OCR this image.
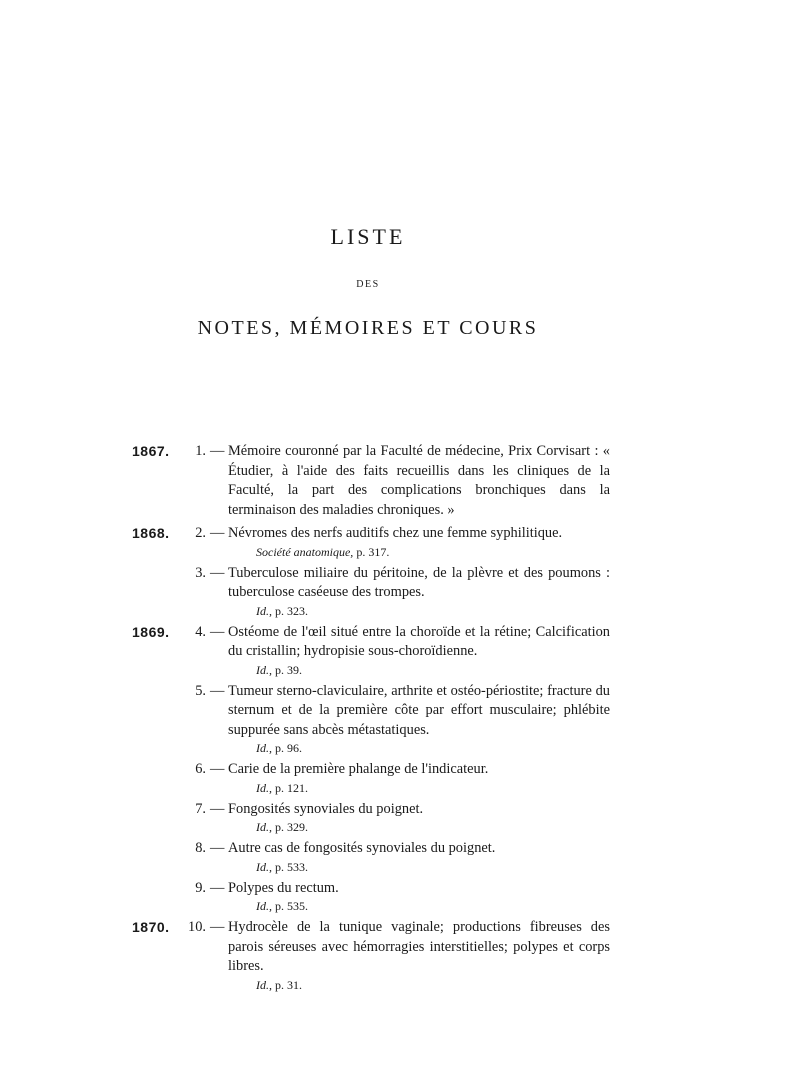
LISTE
DES
NOTES, MÉMOIRES ET COURS
1867.	1. — Mémoire couronné par la Faculté de médecine, Prix Corvisart : « Étudier, à l'aide des faits recueillis dans les cliniques de la Faculté, la part des complications bronchiques dans la terminaison des maladies chroniques. »
1868.	2. — Névromes des nerfs auditifs chez une femme syphilitique.
Société anatomique, p. 317.
3. — Tuberculose miliaire du péritoine, de la plèvre et des poumons : tuberculose caséeuse des trompes.
Id., p. 323.
1869.	4. — Ostéome de l'œil situé entre la choroïde et la rétine; Calcification du cristallin; hydropisie sous-choroïdienne.
Id., p. 39.
5. — Tumeur sterno-claviculaire, arthrite et ostéo-périostite; fracture du sternum et de la première côte par effort musculaire; phlébite suppurée sans abcès métastatiques.
Id., p. 96.
6. — Carie de la première phalange de l'indicateur.
Id., p. 121.
7. — Fongosités synoviales du poignet.
Id., p. 329.
8. — Autre cas de fongosités synoviales du poignet.
Id., p. 533.
9. — Polypes du rectum.
Id., p. 535.
1870.	10. — Hydrocèle de la tunique vaginale; productions fibreuses des parois séreuses avec hémorragies interstitielles; polypes et corps libres.
Id., p. 31.
